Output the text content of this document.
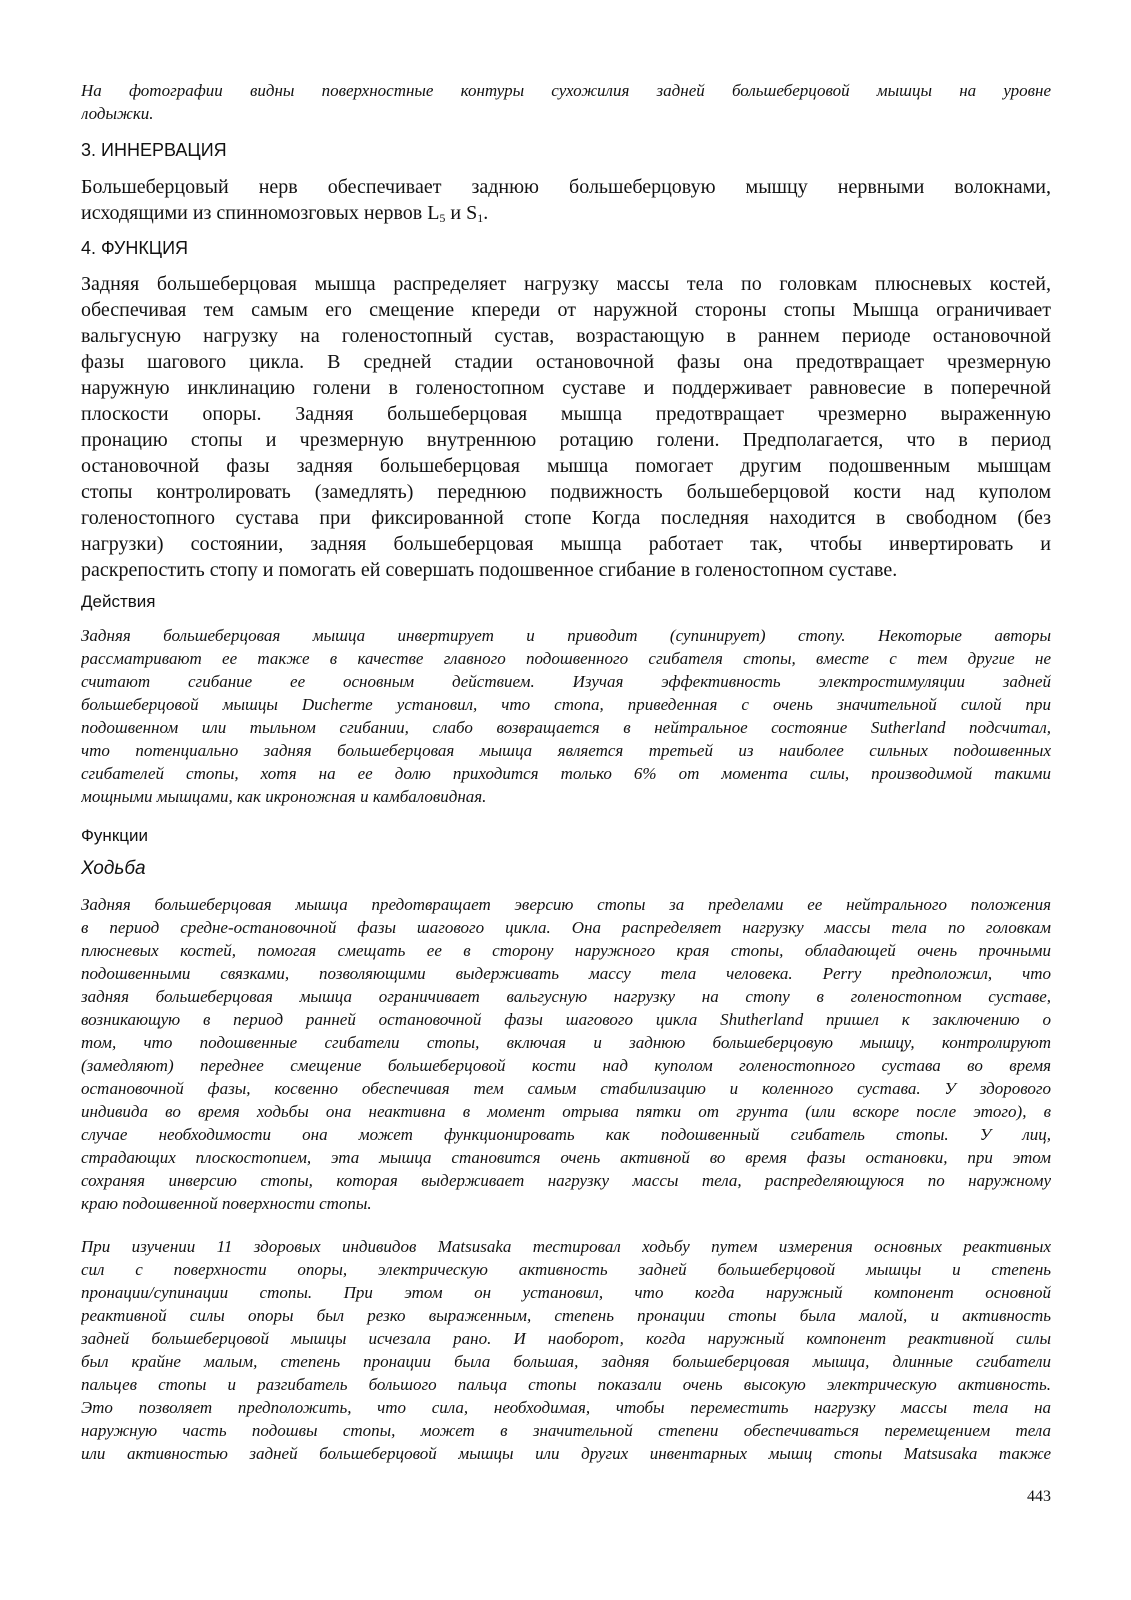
На фотографии видны поверхностные контуры сухожилия задней большеберцовой мышцы на уровне
лодыжки.
3. ИННЕРВАЦИЯ
Большеберцовый нерв обеспечивает заднюю большеберцовую мышцу нервными волокнами,
исходящими из спинномозговых нервов $L_5$ и $S_1$.
4. ФУНКЦИЯ
Задняя большеберцовая мышца распределяет нагрузку массы тела по головкам плюсневых костей,
обеспечивая тем самым его смещение кпереди от наружной стороны стопы Мышца ограничивает
вальгусную нагрузку на голеностопный сустав, возрастающую в раннем периоде остановочной
фазы шагового цикла. В средней стадии остановочной фазы она предотвращает чрезмерную
наружную инклинацию голени в голеностопном суставе и поддерживает равновесие в поперечной
плоскости опоры. Задняя большеберцовая мышца предотвращает чрезмерно выраженную
пронацию стопы и чрезмерную внутреннюю ротацию голени. Предполагается, что в период
остановочной фазы задняя большеберцовая мышца помогает другим подошвенным мышцам
стопы контролировать (замедлять) переднюю подвижность большеберцовой кости над куполом
голеностопного сустава при фиксированной стопе Когда последняя находится в свободном (без
нагрузки) состоянии, задняя большеберцовая мышца работает так, чтобы инвертировать и
раскрепостить стопу и помогать ей совершать подошвенное сгибание в голеностопном суставе.
Действия
Задняя большеберцовая мышца инвертирует и приводит (супинирует) стопу. Некоторые авторы
рассматривают ее также в качестве главного подошвенного сгибателя стопы, вместе с тем другие не
считают сгибание ее основным действием. Изучая эффективность электростимуляции задней
большеберцовой мышцы Ducherme установил, что стопа, приведенная с очень значительной силой при
подошвенном или тыльном сгибании, слабо возвращается в нейтральное состояние Sutherland подсчитал,
что потенциально задняя большеберцовая мышца является третьей из наиболее сильных подошвенных
сгибателей стопы, хотя на ее долю приходится только 6% от момента силы, производимой такими
мощными мышцами, как икроножная и камбаловидная.
Функции
Ходьба
Задняя большеберцовая мышца предотвращает эверсию стопы за пределами ее нейтрального положения
в период средне-остановочной фазы шагового цикла. Она распределяет нагрузку массы тела по головкам
плюсневых костей, помогая смещать ее в сторону наружного края стопы, обладающей очень прочными
подошвенными связками, позволяющими выдерживать массу тела человека. Perry предположил, что
задняя большеберцовая мышца ограничивает вальгусную нагрузку на стопу в голеностопном суставе,
возникающую в период ранней остановочной фазы шагового цикла Shutherland пришел к заключению о
том, что подошвенные сгибатели стопы, включая и заднюю большеберцовую мышцу, контролируют
(замедляют) переднее смещение большеберцовой кости над куполом голеностопного сустава во время
остановочной фазы, косвенно обеспечивая тем самым стабилизацию и коленного сустава. У здорового
индивида во время ходьбы она неактивна в момент отрыва пятки от грунта (или вскоре после этого), в
случае необходимости она может функционировать как подошвенный сгибатель стопы. У лиц,
страдающих плоскостопием, эта мышца становится очень активной во время фазы остановки, при этом
сохраняя инверсию стопы, которая выдерживает нагрузку массы тела, распределяющуюся по наружному
краю подошвенной поверхности стопы.
При изучении 11 здоровых индивидов Matsusaka тестировал ходьбу путем измерения основных реактивных
сил с поверхности опоры, электрическую активность задней большеберцовой мышцы и степень
пронации/супинации стопы. При этом он установил, что когда наружный компонент основной
реактивной силы опоры был резко выраженным, степень пронации стопы была малой, и активность
задней большеберцовой мышцы исчезала рано. И наоборот, когда наружный компонент реактивной силы
был крайне малым, степень пронации была большая, задняя большеберцовая мышца, длинные сгибатели
пальцев стопы и разгибатель большого пальца стопы показали очень высокую электрическую активность.
Это позволяет предположить, что сила, необходимая, чтобы переместить нагрузку массы тела на
наружную часть подошвы стопы, может в значительной степени обеспечиваться перемещением тела
или активностью задней большеберцовой мышцы или других инвентарных мышц стопы Matsusaka также
443
